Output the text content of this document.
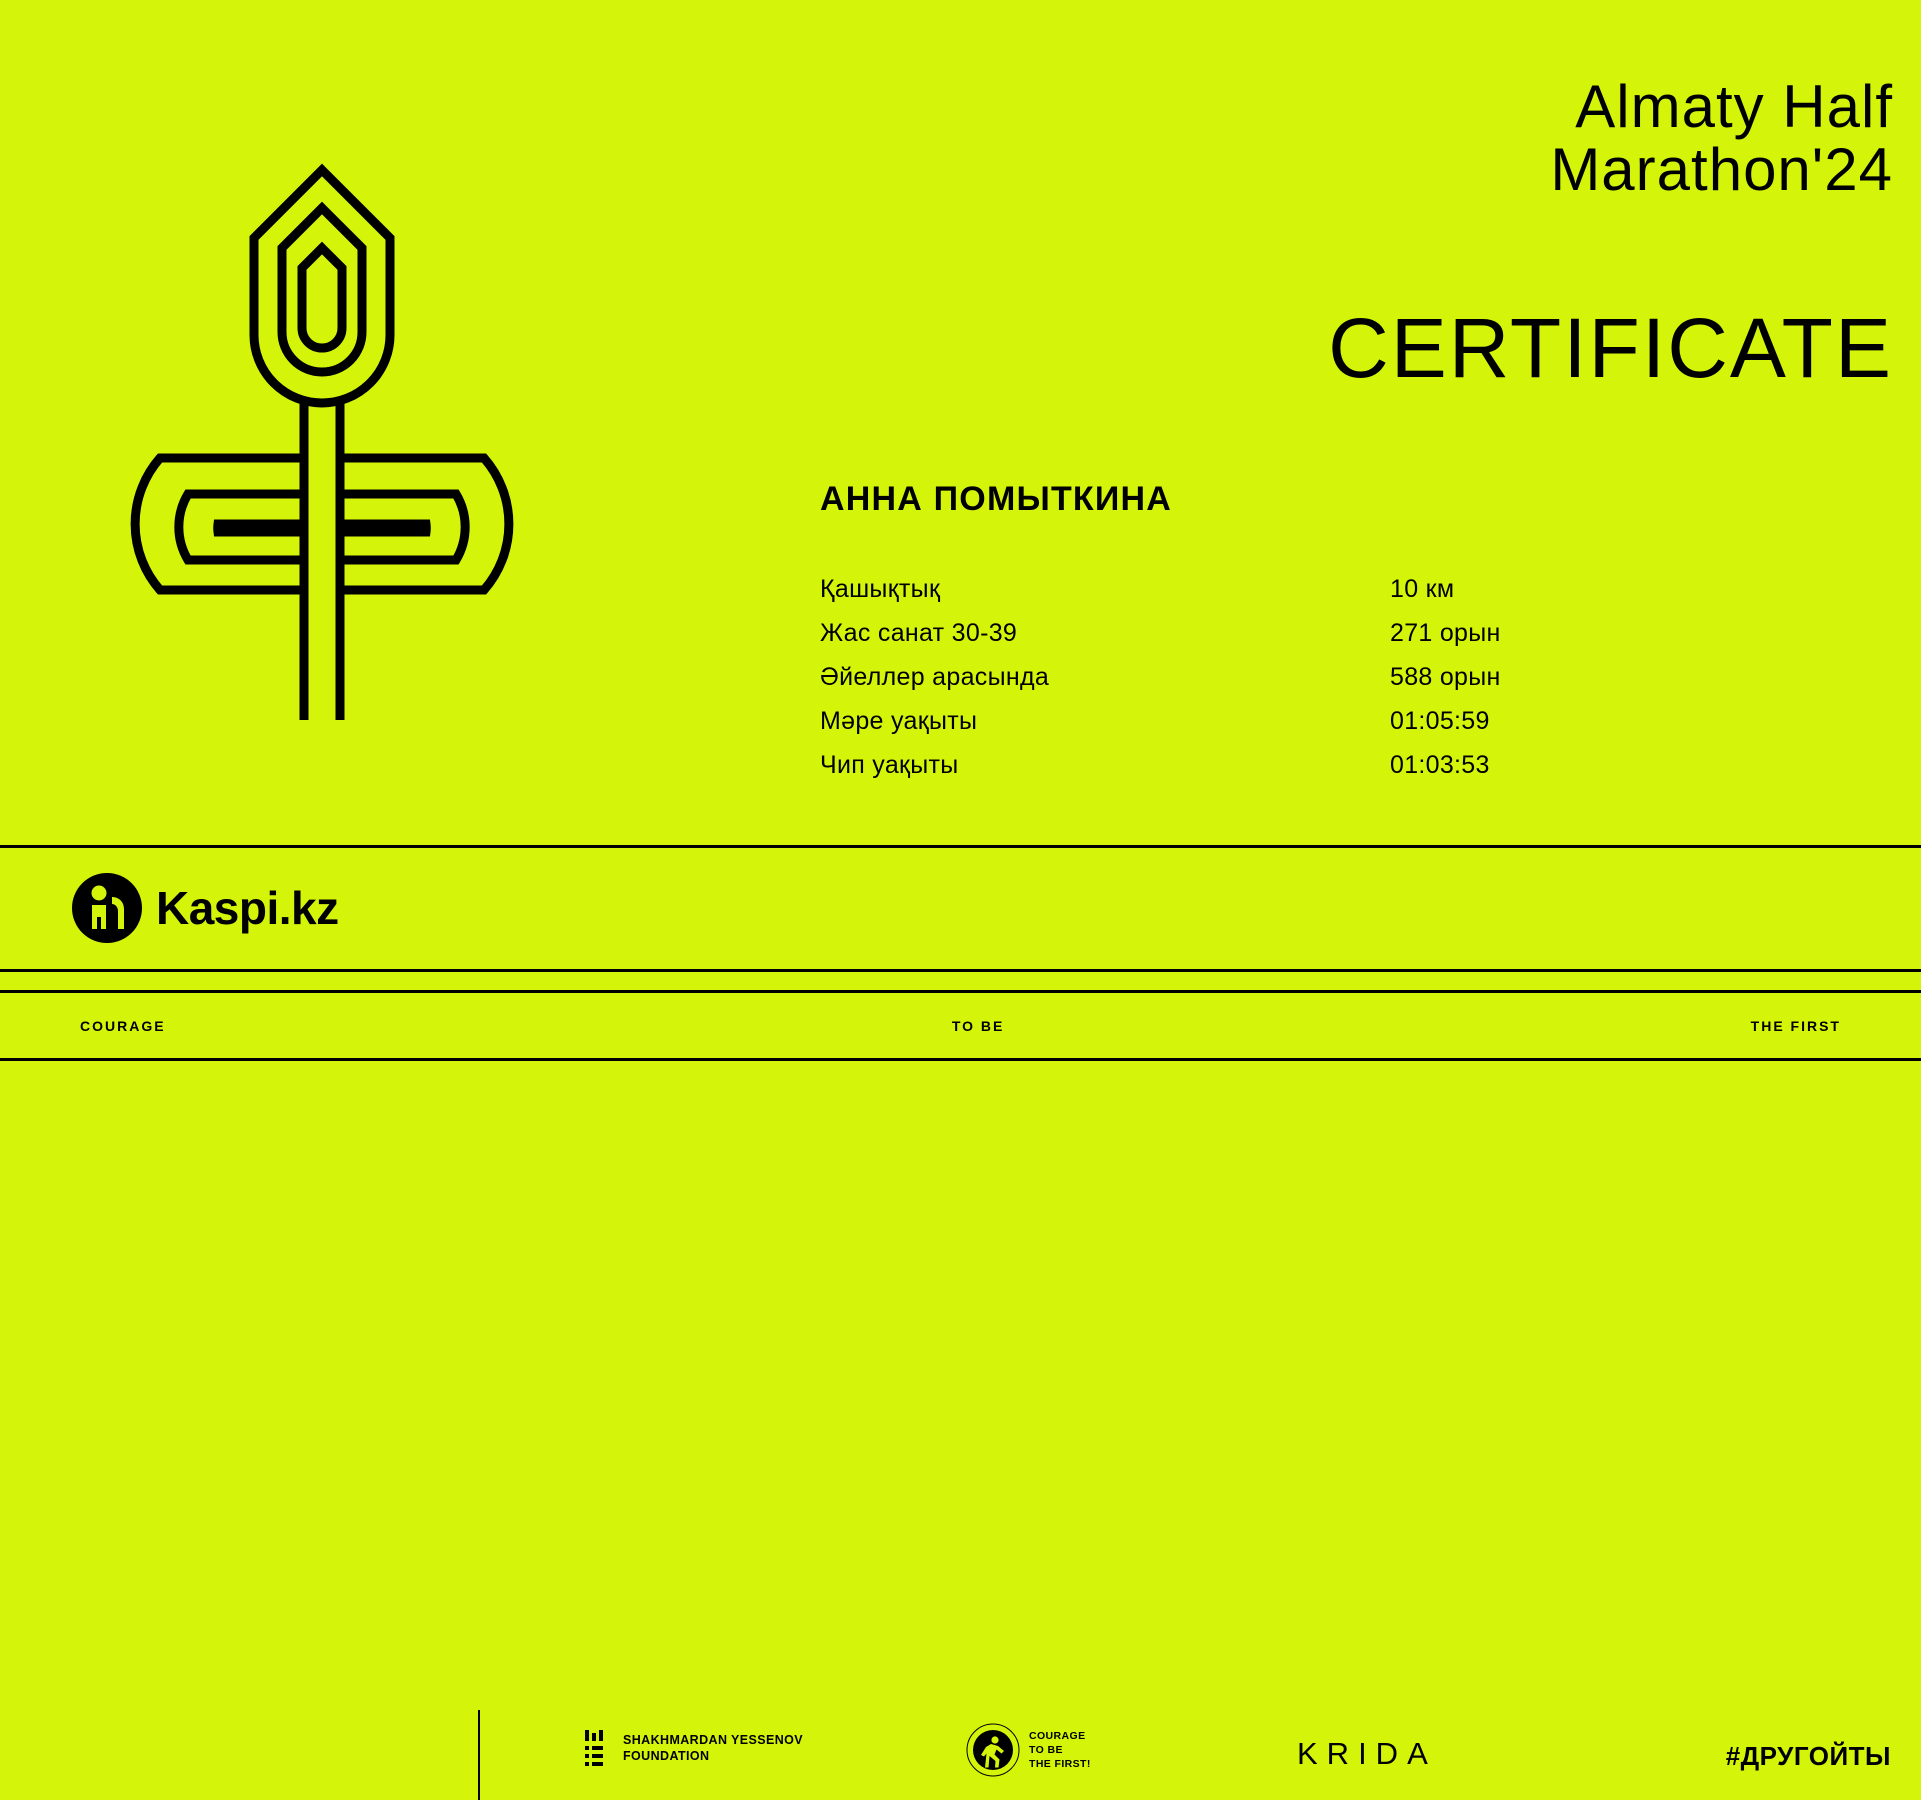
Almaty Half
Marathon'24
CERTIFICATE
АННА ПОМЫТКИНА
Қашықтық	10 км
Жас санат 30-39	271 орын
Әйеллер арасында	588 орын
Мәре уақыты	01:05:59
Чип уақыты	01:03:53
Kaspi.kz
SHAKHMARDAN YESSENOV
FOUNDATION
COURAGE
TO BE
THE FIRST!	KRIDA	#ДРУГОЙТЫ
COURAGE	TO BE	THE FIRST
